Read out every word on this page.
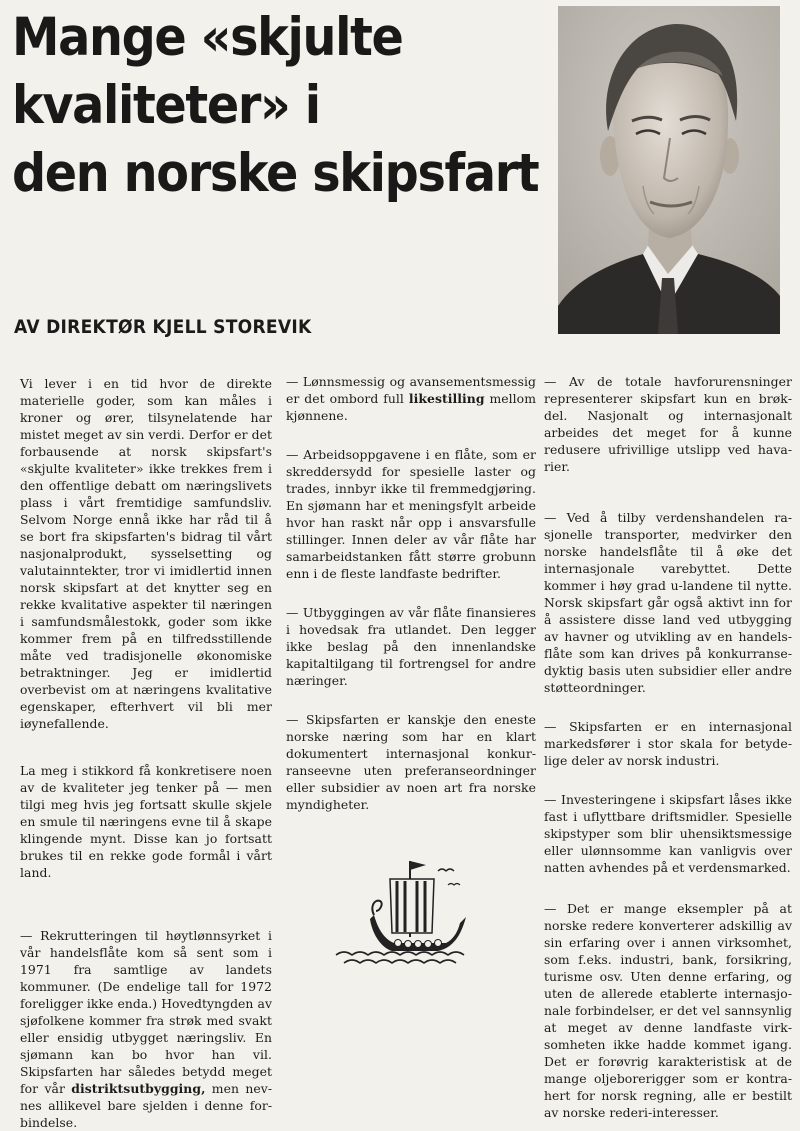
Mange «skjulte
kvaliteter» i
den norske skipsfart
AV DIREKTØR KJELL STOREVIK

Vi lever i en tid hvor de direkte materielle goder, som kan måles i kroner og ører, tilsynelatende har mistet meget av sin verdi. Derfor er det forbausende at norsk skipsfart's «skjulte kvaliteter» ikke trekkes frem i den offentlige debatt om næringslivets plass i vårt fremtidige samfundsliv. Selvom Norge ennå ikke har råd til å se bort fra skipsfarten's bidrag til vårt nasjonalprodukt, sysselsetting og valutainntekter, tror vi imidlertid innen norsk skipsfart at det knytter seg en rekke kvalitative aspekter til næringen i samfundsmålestokk, goder som ikke kommer frem på en tilfredsstillende måte ved tradisjonelle økonomiske betraktninger. Jeg er imidlertid overbevist om at næringens kvalitative egenskaper, efterhvert vil bli mer iøynefallende.

La meg i stikkord få konkretisere noen av de kvaliteter jeg tenker på — men tilgi meg hvis jeg fortsatt skulle skjele en smule til næringens evne til å skape klingende mynt. Disse kan jo fortsatt brukes til en rekke gode formål i vårt land.

— Rekrutteringen til høytlønnsyrket i vår handelsflåte kom så sent som i 1971 fra samtlige av landets kommuner. (De endelige tall for 1972 foreligger ikke enda.) Hovedtyngden av sjøfolkene kommer fra strøk med svakt eller ensidig utbygget næringsliv. En sjømann kan bo hvor han vil. Skipsfarten har således betydd meget for vår distriktsutbygging, men nevnes allikevel bare sjelden i denne forbindelse.

— Lønnsmessig og avansementsmessig er det ombord full likestilling mellom kjønnene.

— Arbeidsoppgavene i en flåte, som er skreddersydd for spesielle laster og trades, innbyr ikke til fremmedgjøring. En sjømann har et meningsfylt arbeide hvor han raskt når opp i ansvarsfulle stillinger. Innen deler av vår flåte har samarbeidstanken fått større grobunn enn i de fleste landfaste bedrifter.

— Utbyggingen av vår flåte finansieres i hovedsak fra utlandet. Den legger ikke beslag på den innenlandske kapitaltilgang til fortrengsel for andre næringer.

— Skipsfarten er kanskje den eneste norske næring som har en klart dokumentert internasjonal konkurranseevne uten preferanseordninger eller subsidier av noen art fra norske myndigheter.

— Av de totale havforurensninger representerer skipsfart kun en brøkdel. Nasjonalt og internasjonalt arbeides det meget for å kunne redusere ufrivillige utslipp ved havarier.

— Ved å tilby verdenshandelen rasjonelle transporter, medvirker den norske handelsflåte til å øke det internasjonale varebyttet. Dette kommer i høy grad u-landene til nytte. Norsk skipsfart går også aktivt inn for å assistere disse land ved utbygging av havner og utvikling av en handelsflåte som kan drives på konkurransedyktig basis uten subsidier eller andre støtteordninger.

— Skipsfarten er en internasjonal markedsfører i stor skala for betydelige deler av norsk industri.

— Investeringene i skipsfart låses ikke fast i uflyttbare driftsmidler. Spesielle skipstyper som blir uhensiktsmessige eller ulønnsomme kan vanligvis over natten avhendes på et verdensmarked.

— Det er mange eksempler på at norske redere konverterer adskillig av sin erfaring over i annen virksomhet, som f.eks. industri, bank, forsikring, turisme osv. Uten denne erfaring, og uten de allerede etablerte internasjonale forbindelser, er det vel sannsynlig at meget av denne landfaste virksomheten ikke hadde kommet igang. Det er forøvrig karakteristisk at de mange oljeborerigger som er kontrahert for norsk regning, alle er bestilt av norske rederi-interesser.
